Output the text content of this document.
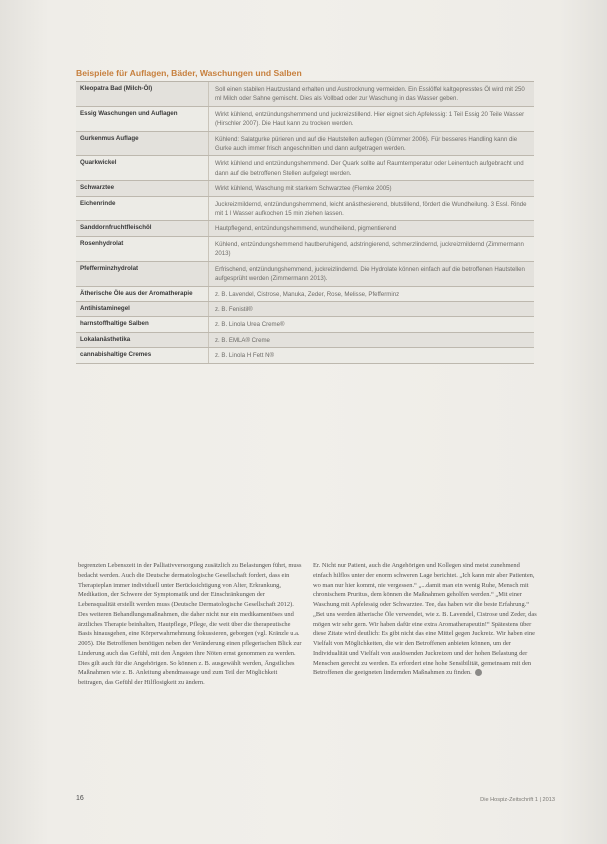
Beispiele für Auflagen, Bäder, Waschungen und Salben
Kleopatra Bad (Milch-Öl)	Soll einen stabilen Hautzustand erhalten und Austrocknung vermeiden. Ein Esslöffel kaltgepresstes Öl wird mit 250 ml Milch oder Sahne gemischt. Dies als Vollbad oder zur Waschung in das Wasser geben.
Essig Waschungen und Auflagen	Wirkt kühlend, entzündungshemmend und juckreizstillend. Hier eignet sich Apfelessig: 1 Teil Essig 20 Teile Wasser (Hirschler 2007). Die Haut kann zu trocken werden.
Gurkenmus Auflage	Kühlend: Salatgurke pürieren und auf die Hautstellen auflegen (Gümmer 2006). Für besseres Handling kann die Gurke auch immer frisch angeschnitten und dann aufgetragen werden.
Quarkwickel	Wirkt kühlend und entzündungshemmend. Der Quark sollte auf Raumtemperatur oder Leinentuch aufgebracht und dann auf die betroffenen Stellen aufgelegt werden.
Schwarztee	Wirkt kühlend, Waschung mit starkem Schwarztee (Flemke 2005)
Eichenrinde	Juckreizmildernd, entzündungshemmend, leicht anästhesierend, blutstillend, fördert die Wundheilung. 3 Essl. Rinde mit 1 l Wasser aufkochen 15 min ziehen lassen.
Sanddornfruchtfleischöl	Hautpflegend, entzündungshemmend, wundheilend, pigmentierend
Rosenhydrolat	Kühlend, entzündungshemmend hautberuhigend, adstringierend, schmerzlindernd, juckreizmildernd (Zimmermann 2013)
Pfefferminzhydrolat	Erfrischend, entzündungshemmend, juckreizlindernd. Die Hydrolate können einfach auf die betroffenen Hautstellen aufgesprüht werden (Zimmermann 2013).
Ätherische Öle aus der Aromatherapie	z. B. Lavendel, Cistrose, Manuka, Zeder, Rose, Melisse, Pfefferminz
Antihistaminegel	z. B. Fenistil®
harnstoffhaltige Salben	z. B. Linola Urea Creme®
Lokalanästhetika	z. B. EMLA® Creme
cannabishaltige Cremes	z. B. Linola H Fett N®
begrenzten Lebenszeit in der Palliativversorgung zusätzlich zu Belastungen führt, muss bedacht werden. Auch die Deutsche dermatologische Gesellschaft fordert, dass ein Therapieplan immer individuell unter Berücksichtigung von Alter, Erkrankung, Medikation, der Schwere der Symptomatik und der Einschränkungen der Lebensqualität erstellt werden muss (Deutsche Dermatologische Gesellschaft 2012). Des weiteren Behandlungsmaßnahmen, die daher nicht nur ein medikamentöses und ärztliches Therapie beinhalten, Hautpflege, Pflege, die weit über die therapeutische Basis hinausgehen, eine Körperwahrnehmung fokussieren, geborgen (vgl. Kränzle u.a. 2005). Die Betroffenen benötigen neben der Veränderung einen pflegerischen Blick zur Linderung auch das Gefühl, mit den Ängsten ihre Nöten ernst genommen zu werden. Dies gilt auch für die Angehörigen. So können z. B. ausgewählt werden, Ängstliches Maßnahmen wie z. B. Anleitung abendmassage und zum Teil der Möglichkeit beitragen, das Gefühl der Hilflosigkeit zu ändern.
Er. Nicht nur Patient, auch die Angehörigen und Kollegen sind meist zunehmend einfach hilflos unter der enorm schweren Lage berichtet. „Ich kann mir aber Patienten, wo man nur hier kommt, nie vergessen.“ „...damit man ein wenig Ruhe, Mensch mit chronischem Pruritus, dem können die Maßnahmen geholfen werden.“ „Mit einer Waschung mit Apfelessig oder Schwarztee. Tee, das haben wir die beste Erfahrung.“ „Bei uns werden ätherische Öle verwendet, wie z. B. Lavendel, Cistrose und Zeder, das mögen wir sehr gern. Wir haben dafür eine extra Aromatherapeutin!“ Spätestens über diese Zitate wird deutlich: Es gibt nicht das eine Mittel gegen Juckreiz. Wir haben eine Vielfalt von Möglichkeiten, die wir den Betroffenen anbieten können, um der Individualität und Vielfalt von auslösenden Juckreizen und der hohen Belastung der Menschen gerecht zu werden. Es erfordert eine hohe Sensibilität, gemeinsam mit den Betroffenen die geeigneten lindernden Maßnahmen zu finden.
16	Die Hospiz-Zeitschrift 1 | 2013
